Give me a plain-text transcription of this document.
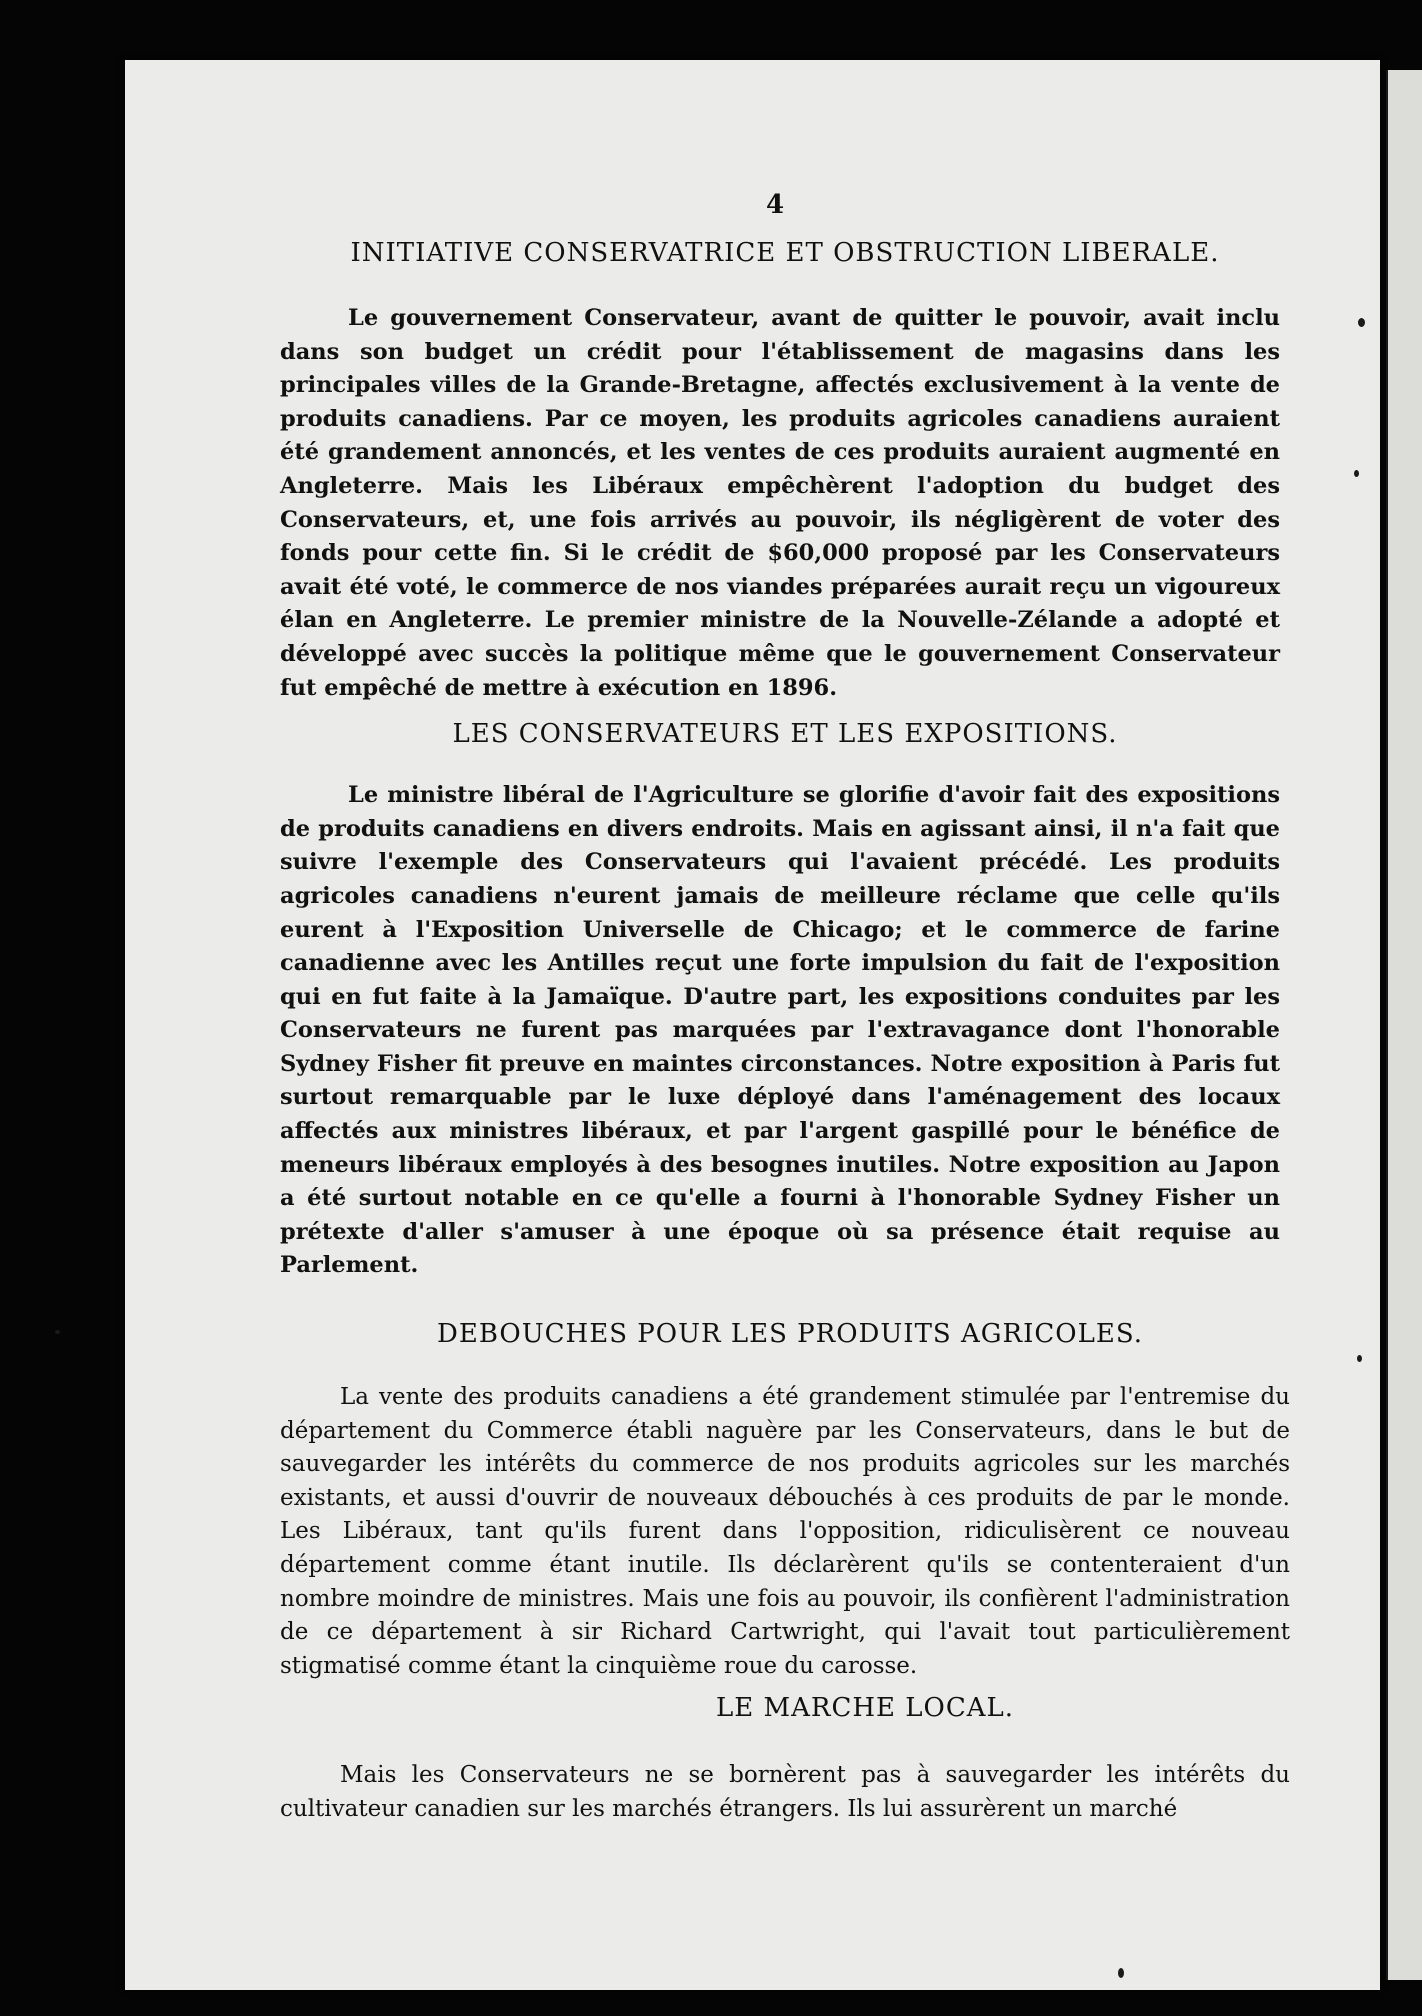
4
INITIATIVE CONSERVATRICE ET OBSTRUCTION LIBERALE.

Le gouvernement Conservateur, avant de quitter le pouvoir, avait inclu dans son budget un crédit pour l'établissement de magasins dans les principales villes de la Grande-Bretagne, affectés exclusivement à la vente de produits canadiens. Par ce moyen, les produits agricoles canadiens auraient été grandement annoncés, et les ventes de ces produits auraient augmenté en Angleterre. Mais les Libéraux empêchèrent l'adoption du budget des Conservateurs, et, une fois arrivés au pouvoir, ils négligèrent de voter des fonds pour cette fin. Si le crédit de $60,000 proposé par les Conservateurs avait été voté, le commerce de nos viandes préparées aurait reçu un vigoureux élan en Angleterre. Le premier ministre de la Nouvelle-Zélande a adopté et développé avec succès la politique même que le gouvernement Conservateur fut empêché de mettre à exécution en 1896.

LES CONSERVATEURS ET LES EXPOSITIONS.

Le ministre libéral de l'Agriculture se glorifie d'avoir fait des expositions de produits canadiens en divers endroits. Mais en agissant ainsi, il n'a fait que suivre l'exemple des Conservateurs qui l'avaient précédé. Les produits agricoles canadiens n'eurent jamais de meilleure réclame que celle qu'ils eurent à l'Exposition Universelle de Chicago; et le commerce de farine canadienne avec les Antilles reçut une forte impulsion du fait de l'exposition qui en fut faite à la Jamaïque. D'autre part, les expositions conduites par les Conservateurs ne furent pas marquées par l'extravagance dont l'honorable Sydney Fisher fit preuve en maintes circonstances. Notre exposition à Paris fut surtout remarquable par le luxe déployé dans l'aménagement des locaux affectés aux ministres libéraux, et par l'argent gaspillé pour le bénéfice de meneurs libéraux employés à des besognes inutiles. Notre exposition au Japon a été surtout notable en ce qu'elle a fourni à l'honorable Sydney Fisher un prétexte d'aller s'amuser à une époque où sa présence était requise au Parlement.

DEBOUCHES POUR LES PRODUITS AGRICOLES.

La vente des produits canadiens a été grandement stimulée par l'entremise du département du Commerce établi naguère par les Conservateurs, dans le but de sauvegarder les intérêts du commerce de nos produits agricoles sur les marchés existants, et aussi d'ouvrir de nouveaux débouchés à ces produits de par le monde. Les Libéraux, tant qu'ils furent dans l'opposition, ridiculisèrent ce nouveau département comme étant inutile. Ils déclarèrent qu'ils se contenteraient d'un nombre moindre de ministres. Mais une fois au pouvoir, ils confièrent l'administration de ce département à sir Richard Cartwright, qui l'avait tout particulièrement stigmatisé comme étant la cinquième roue du carosse.

LE MARCHE LOCAL.

Mais les Conservateurs ne se bornèrent pas à sauvegarder les intérêts du cultivateur canadien sur les marchés étrangers. Ils lui assurèrent un marché
